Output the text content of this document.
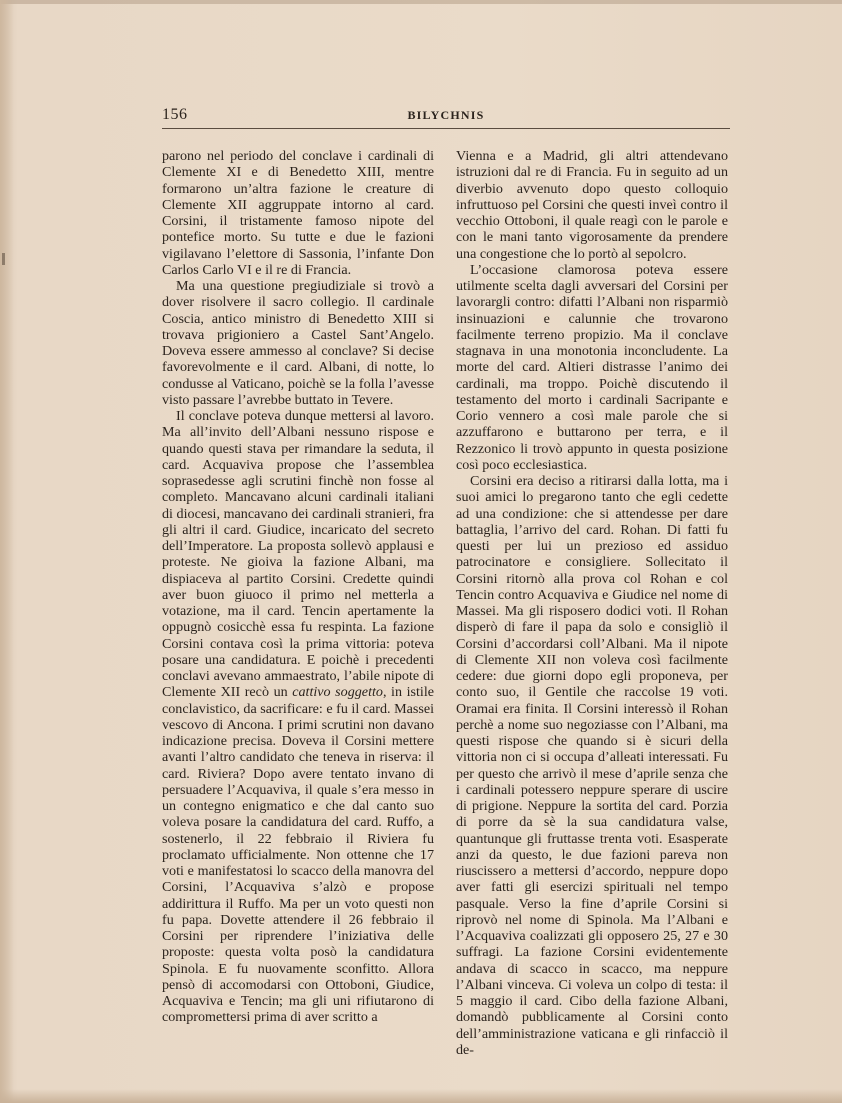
156	BILYCHNIS

parono nel periodo del conclave i cardinali di Clemente XI e di Benedetto XIII, mentre formarono un’altra fazione le creature di Clemente XII aggruppate intorno al card. Corsini, il tristamente famoso nipote del pontefice morto. Su tutte e due le fazioni vigilavano l’elettore di Sassonia, l’infante Don Carlos Carlo VI e il re di Francia.

Ma una questione pregiudiziale si trovò a dover risolvere il sacro collegio. Il cardinale Coscia, antico ministro di Benedetto XIII si trovava prigioniero a Castel Sant’Angelo. Doveva essere ammesso al conclave? Si decise favorevolmente e il card. Albani, di notte, lo condusse al Vaticano, poichè se la folla l’avesse visto passare l’avrebbe buttato in Tevere.

Il conclave poteva dunque mettersi al lavoro. Ma all’invito dell’Albani nessuno rispose e quando questi stava per rimandare la seduta, il card. Acquaviva propose che l’assemblea soprasedesse agli scrutini finchè non fosse al completo. Mancavano alcuni cardinali italiani di diocesi, mancavano dei cardinali stranieri, fra gli altri il card. Giudice, incaricato del secreto dell’Imperatore. La proposta sollevò applausi e proteste. Ne gioiva la fazione Albani, ma dispiaceva al partito Corsini. Credette quindi aver buon giuoco il primo nel metterla a votazione, ma il card. Tencin apertamente la oppugnò cosicchè essa fu respinta. La fazione Corsini contava così la prima vittoria: poteva posare una candidatura. E poichè i precedenti conclavi avevano ammaestrato, l’abile nipote di Clemente XII recò un cattivo soggetto, in istile conclavistico, da sacrificare: e fu il card. Massei vescovo di Ancona. I primi scrutini non davano indicazione precisa. Doveva il Corsini mettere avanti l’altro candidato che teneva in riserva: il card. Riviera? Dopo avere tentato invano di persuadere l’Acquaviva, il quale s’era messo in un contegno enigmatico e che dal canto suo voleva posare la candidatura del card. Ruffo, a sostenerlo, il 22 febbraio il Riviera fu proclamato ufficialmente. Non ottenne che 17 voti e manifestatosi lo scacco della manovra del Corsini, l’Acquaviva s’alzò e propose addirittura il Ruffo. Ma per un voto questi non fu papa. Dovette attendere il 26 febbraio il Corsini per riprendere l’iniziativa delle proposte: questa volta posò la candidatura Spinola. E fu nuovamente sconfitto. Allora pensò di accomodarsi con Ottoboni, Giudice, Acquaviva e Tencin; ma gli uni rifiutarono di compromettersi prima di aver scritto a

Vienna e a Madrid, gli altri attendevano istruzioni dal re di Francia. Fu in seguito ad un diverbio avvenuto dopo questo colloquio infruttuoso pel Corsini che questi inveì contro il vecchio Ottoboni, il quale reagì con le parole e con le mani tanto vigorosamente da prendere una congestione che lo portò al sepolcro.

L’occasione clamorosa poteva essere utilmente scelta dagli avversari del Corsini per lavorargli contro: difatti l’Albani non risparmiò insinuazioni e calunnie che trovarono facilmente terreno propizio. Ma il conclave stagnava in una monotonia inconcludente. La morte del card. Altieri distrasse l’animo dei cardinali, ma troppo. Poichè discutendo il testamento del morto i cardinali Sacripante e Corio vennero a così male parole che si azzuffarono e buttarono per terra, e il Rezzonico li trovò appunto in questa posizione così poco ecclesiastica.

Corsini era deciso a ritirarsi dalla lotta, ma i suoi amici lo pregarono tanto che egli cedette ad una condizione: che si attendesse per dare battaglia, l’arrivo del card. Rohan. Di fatti fu questi per lui un prezioso ed assiduo patrocinatore e consigliere. Sollecitato il Corsini ritornò alla prova col Rohan e col Tencin contro Acquaviva e Giudice nel nome di Massei. Ma gli risposero dodici voti. Il Rohan disperò di fare il papa da solo e consigliò il Corsini d’accordarsi coll’Albani. Ma il nipote di Clemente XII non voleva così facilmente cedere: due giorni dopo egli proponeva, per conto suo, il Gentile che raccolse 19 voti. Oramai era finita. Il Corsini interessò il Rohan perchè a nome suo negoziasse con l’Albani, ma questi rispose che quando si è sicuri della vittoria non ci si occupa d’alleati interessati. Fu per questo che arrivò il mese d’aprile senza che i cardinali potessero neppure sperare di uscire di prigione. Neppure la sortita del card. Porzia di porre da sè la sua candidatura valse, quantunque gli fruttasse trenta voti. Esasperate anzi da questo, le due fazioni pareva non riuscissero a mettersi d’accordo, neppure dopo aver fatti gli esercizi spirituali nel tempo pasquale. Verso la fine d’aprile Corsini si riprovò nel nome di Spinola. Ma l’Albani e l’Acquaviva coalizzati gli opposero 25, 27 e 30 suffragi. La fazione Corsini evidentemente andava di scacco in scacco, ma neppure l’Albani vinceva. Ci voleva un colpo di testa: il 5 maggio il card. Cibo della fazione Albani, domandò pubblicamente al Corsini conto dell’amministrazione vaticana e gli rinfacciò il de-
